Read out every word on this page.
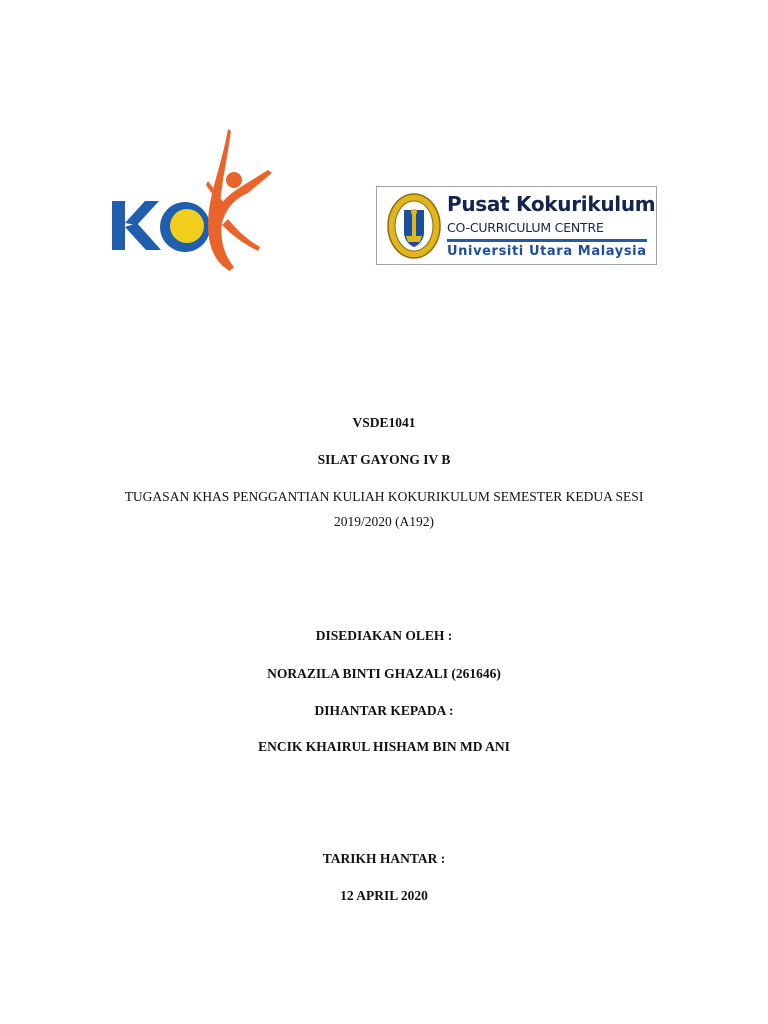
Pusat Kokurikulum
CO-CURRICULUM CENTRE
Universiti Utara Malaysia
VSDE1041
SILAT GAYONG IV B
TUGASAN KHAS PENGGANTIAN KULIAH KOKURIKULUM SEMESTER KEDUA SESI
2019/2020 (A192)
DISEDIAKAN OLEH :
NORAZILA BINTI GHAZALI (261646)
DIHANTAR KEPADA :
ENCIK KHAIRUL HISHAM BIN MD ANI
TARIKH HANTAR :
12 APRIL 2020
